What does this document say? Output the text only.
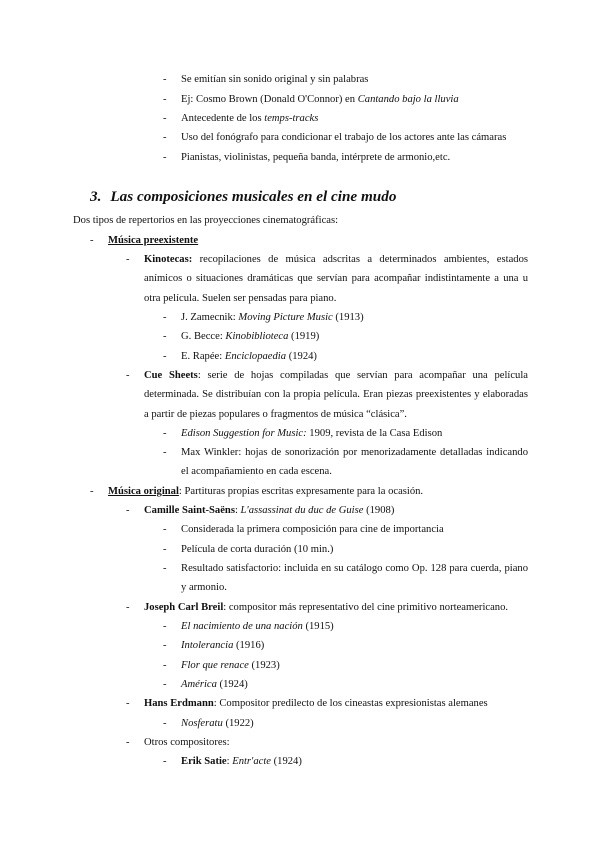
- Se emitían sin sonido original y sin palabras
- Ej: Cosmo Brown (Donald O'Connor) en Cantando bajo la lluvia
- Antecedente de los temps-tracks
- Uso del fonógrafo para condicionar el trabajo de los actores ante las cámaras
- Pianistas, violinistas, pequeña banda, intérprete de armonio,etc.
3. Las composiciones musicales en el cine mudo
Dos tipos de repertorios en las proyecciones cinematográficas:
- Música preexistente
- Kinotecas: recopilaciones de música adscritas a determinados ambientes, estados anímicos o situaciones dramáticas que servían para acompañar indistintamente a una u otra película. Suelen ser pensadas para piano.
- J. Zamecnik: Moving Picture Music (1913)
- G. Becce: Kinobiblioteca (1919)
- E. Rapée: Enciclopaedia (1924)
- Cue Sheets: serie de hojas compiladas que servían para acompañar una película determinada. Se distribuían con la propia película. Eran piezas preexistentes y elaboradas a partir de piezas populares o fragmentos de música “clásica”.
- Edison Suggestion for Music: 1909, revista de la Casa Edison
- Max Winkler: hojas de sonorización por menorizadamente detalladas indicando el acompañamiento en cada escena.
- Música original: Partituras propias escritas expresamente para la ocasión.
- Camille Saint-Saëns: L'assassinat du duc de Guise (1908)
- Considerada la primera composición para cine de importancia
- Película de corta duración (10 min.)
- Resultado satisfactorio: incluida en su catálogo como Op. 128 para cuerda, piano y armonio.
- Joseph Carl Breil: compositor más representativo del cine primitivo norteamericano.
- El nacimiento de una nación (1915)
- Intolerancia (1916)
- Flor que renace (1923)
- América (1924)
- Hans Erdmann: Compositor predilecto de los cineastas expresionistas alemanes
- Nosferatu (1922)
- Otros compositores:
- Erik Satie: Entr'acte (1924)
